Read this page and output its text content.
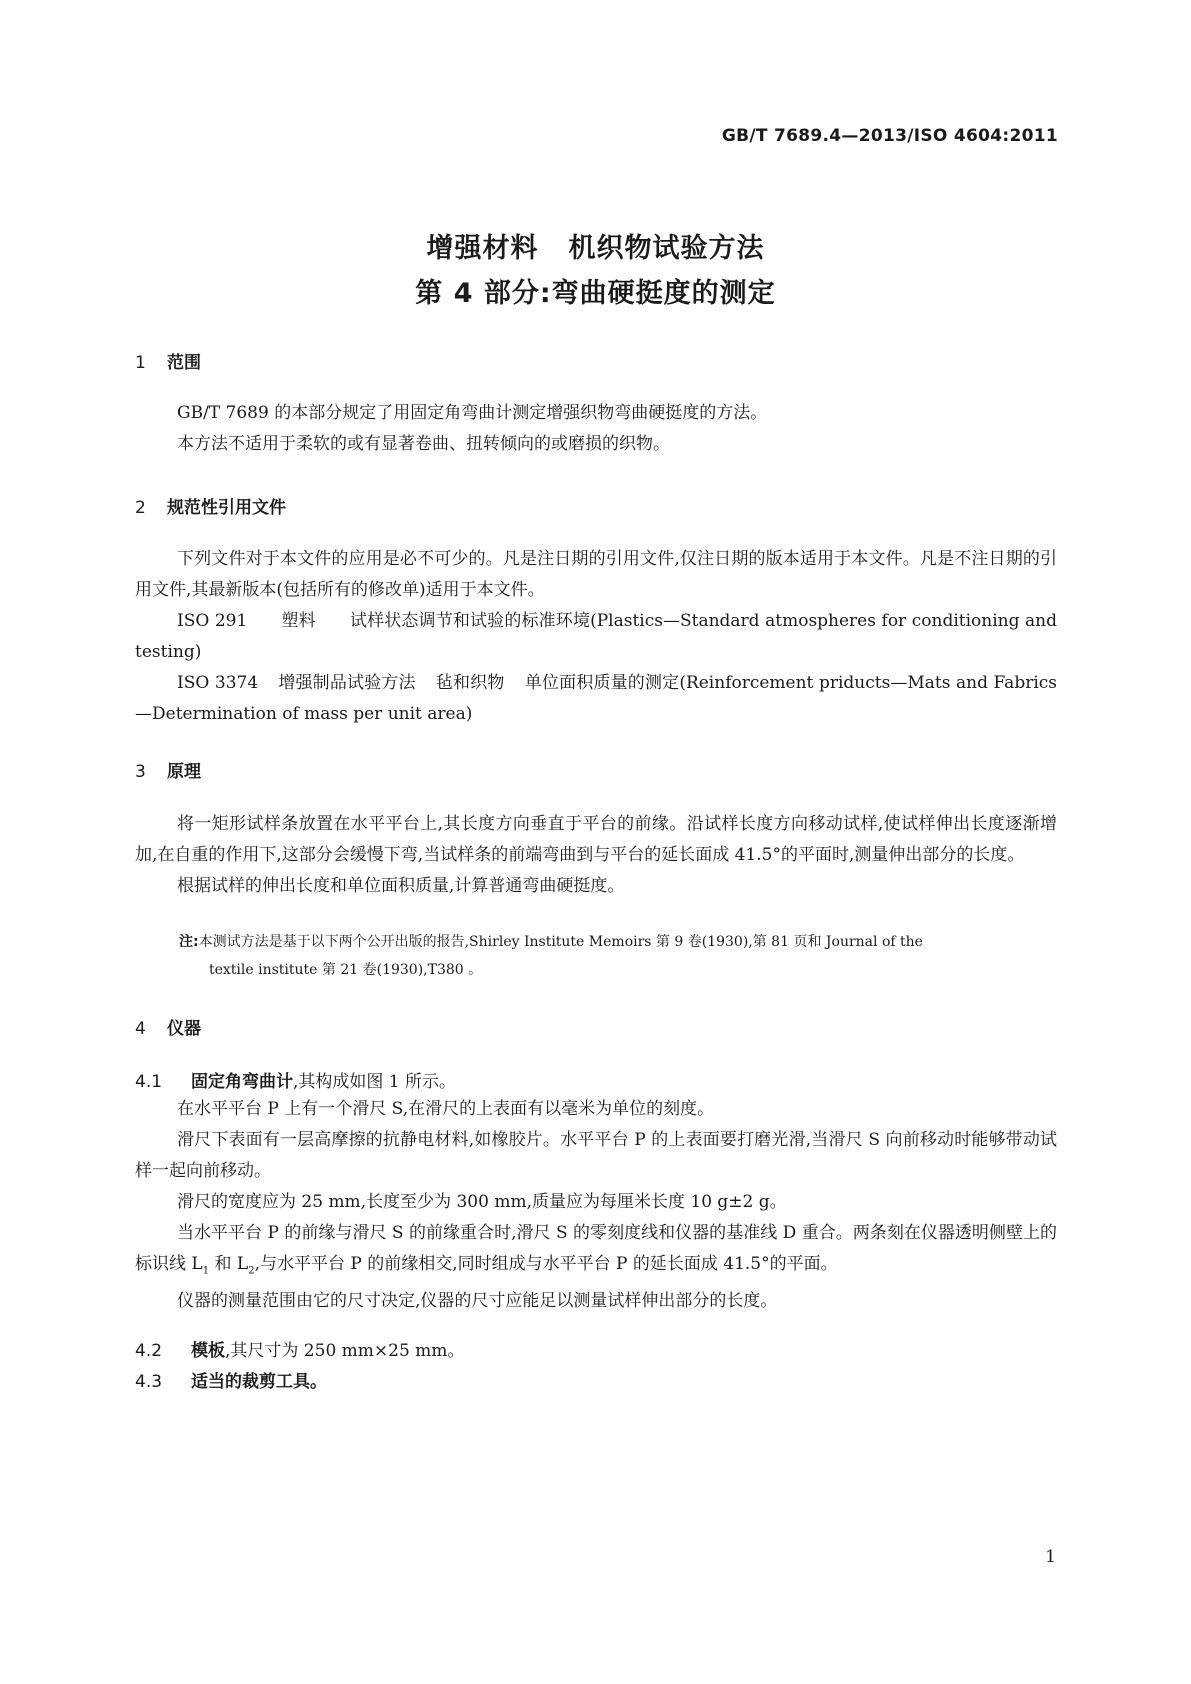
GB/T 7689.4—2013/ISO 4604:2011
增强材料 机织物试验方法
第 4 部分:弯曲硬挺度的测定
1 范围

GB/T 7689 的本部分规定了用固定角弯曲计测定增强织物弯曲硬挺度的方法。

本方法不适用于柔软的或有显著卷曲、扭转倾向的或磨损的织物。

2 规范性引用文件

下列文件对于本文件的应用是必不可少的。凡是注日期的引用文件,仅注日期的版本适用于本文件。凡是不注日期的引用文件,其最新版本(包括所有的修改单)适用于本文件。

ISO 291 塑料 试样状态调节和试验的标准环境(Plastics—Standard atmospheres for conditioning and testing)

ISO 3374 增强制品试验方法 毡和织物 单位面积质量的测定(Reinforcement priducts—Mats and Fabrics—Determination of mass per unit area)

3 原理

将一矩形试样条放置在水平平台上,其长度方向垂直于平台的前缘。沿试样长度方向移动试样,使试样伸出长度逐渐增加,在自重的作用下,这部分会缓慢下弯,当试样条的前端弯曲到与平台的延长面成 41.5°的平面时,测量伸出部分的长度。

根据试样的伸出长度和单位面积质量,计算普通弯曲硬挺度。

注:本测试方法是基于以下两个公开出版的报告,Shirley Institute Memoirs 第 9 卷(1930),第 81 页和 Journal of the
textile institute 第 21 卷(1930),T380 。
4 仪器
4.1 固定角弯曲计,其构成如图 1 所示。

在水平平台 P 上有一个滑尺 S,在滑尺的上表面有以毫米为单位的刻度。

滑尺下表面有一层高摩擦的抗静电材料,如橡胶片。水平平台 P 的上表面要打磨光滑,当滑尺 S 向前移动时能够带动试样一起向前移动。

滑尺的宽度应为 25 mm,长度至少为 300 mm,质量应为每厘米长度 10 g±2 g。

当水平平台 P 的前缘与滑尺 S 的前缘重合时,滑尺 S 的零刻度线和仪器的基准线 D 重合。两条刻在仪器透明侧壁上的标识线 $L_1$ 和 $L_2$,与水平平台 P 的前缘相交,同时组成与水平平台 P 的延长面成 41.5°的平面。

仪器的测量范围由它的尺寸决定,仪器的尺寸应能足以测量试样伸出部分的长度。

4.2 模板,其尺寸为 250 mm×25 mm。
4.3 适当的裁剪工具。
1
